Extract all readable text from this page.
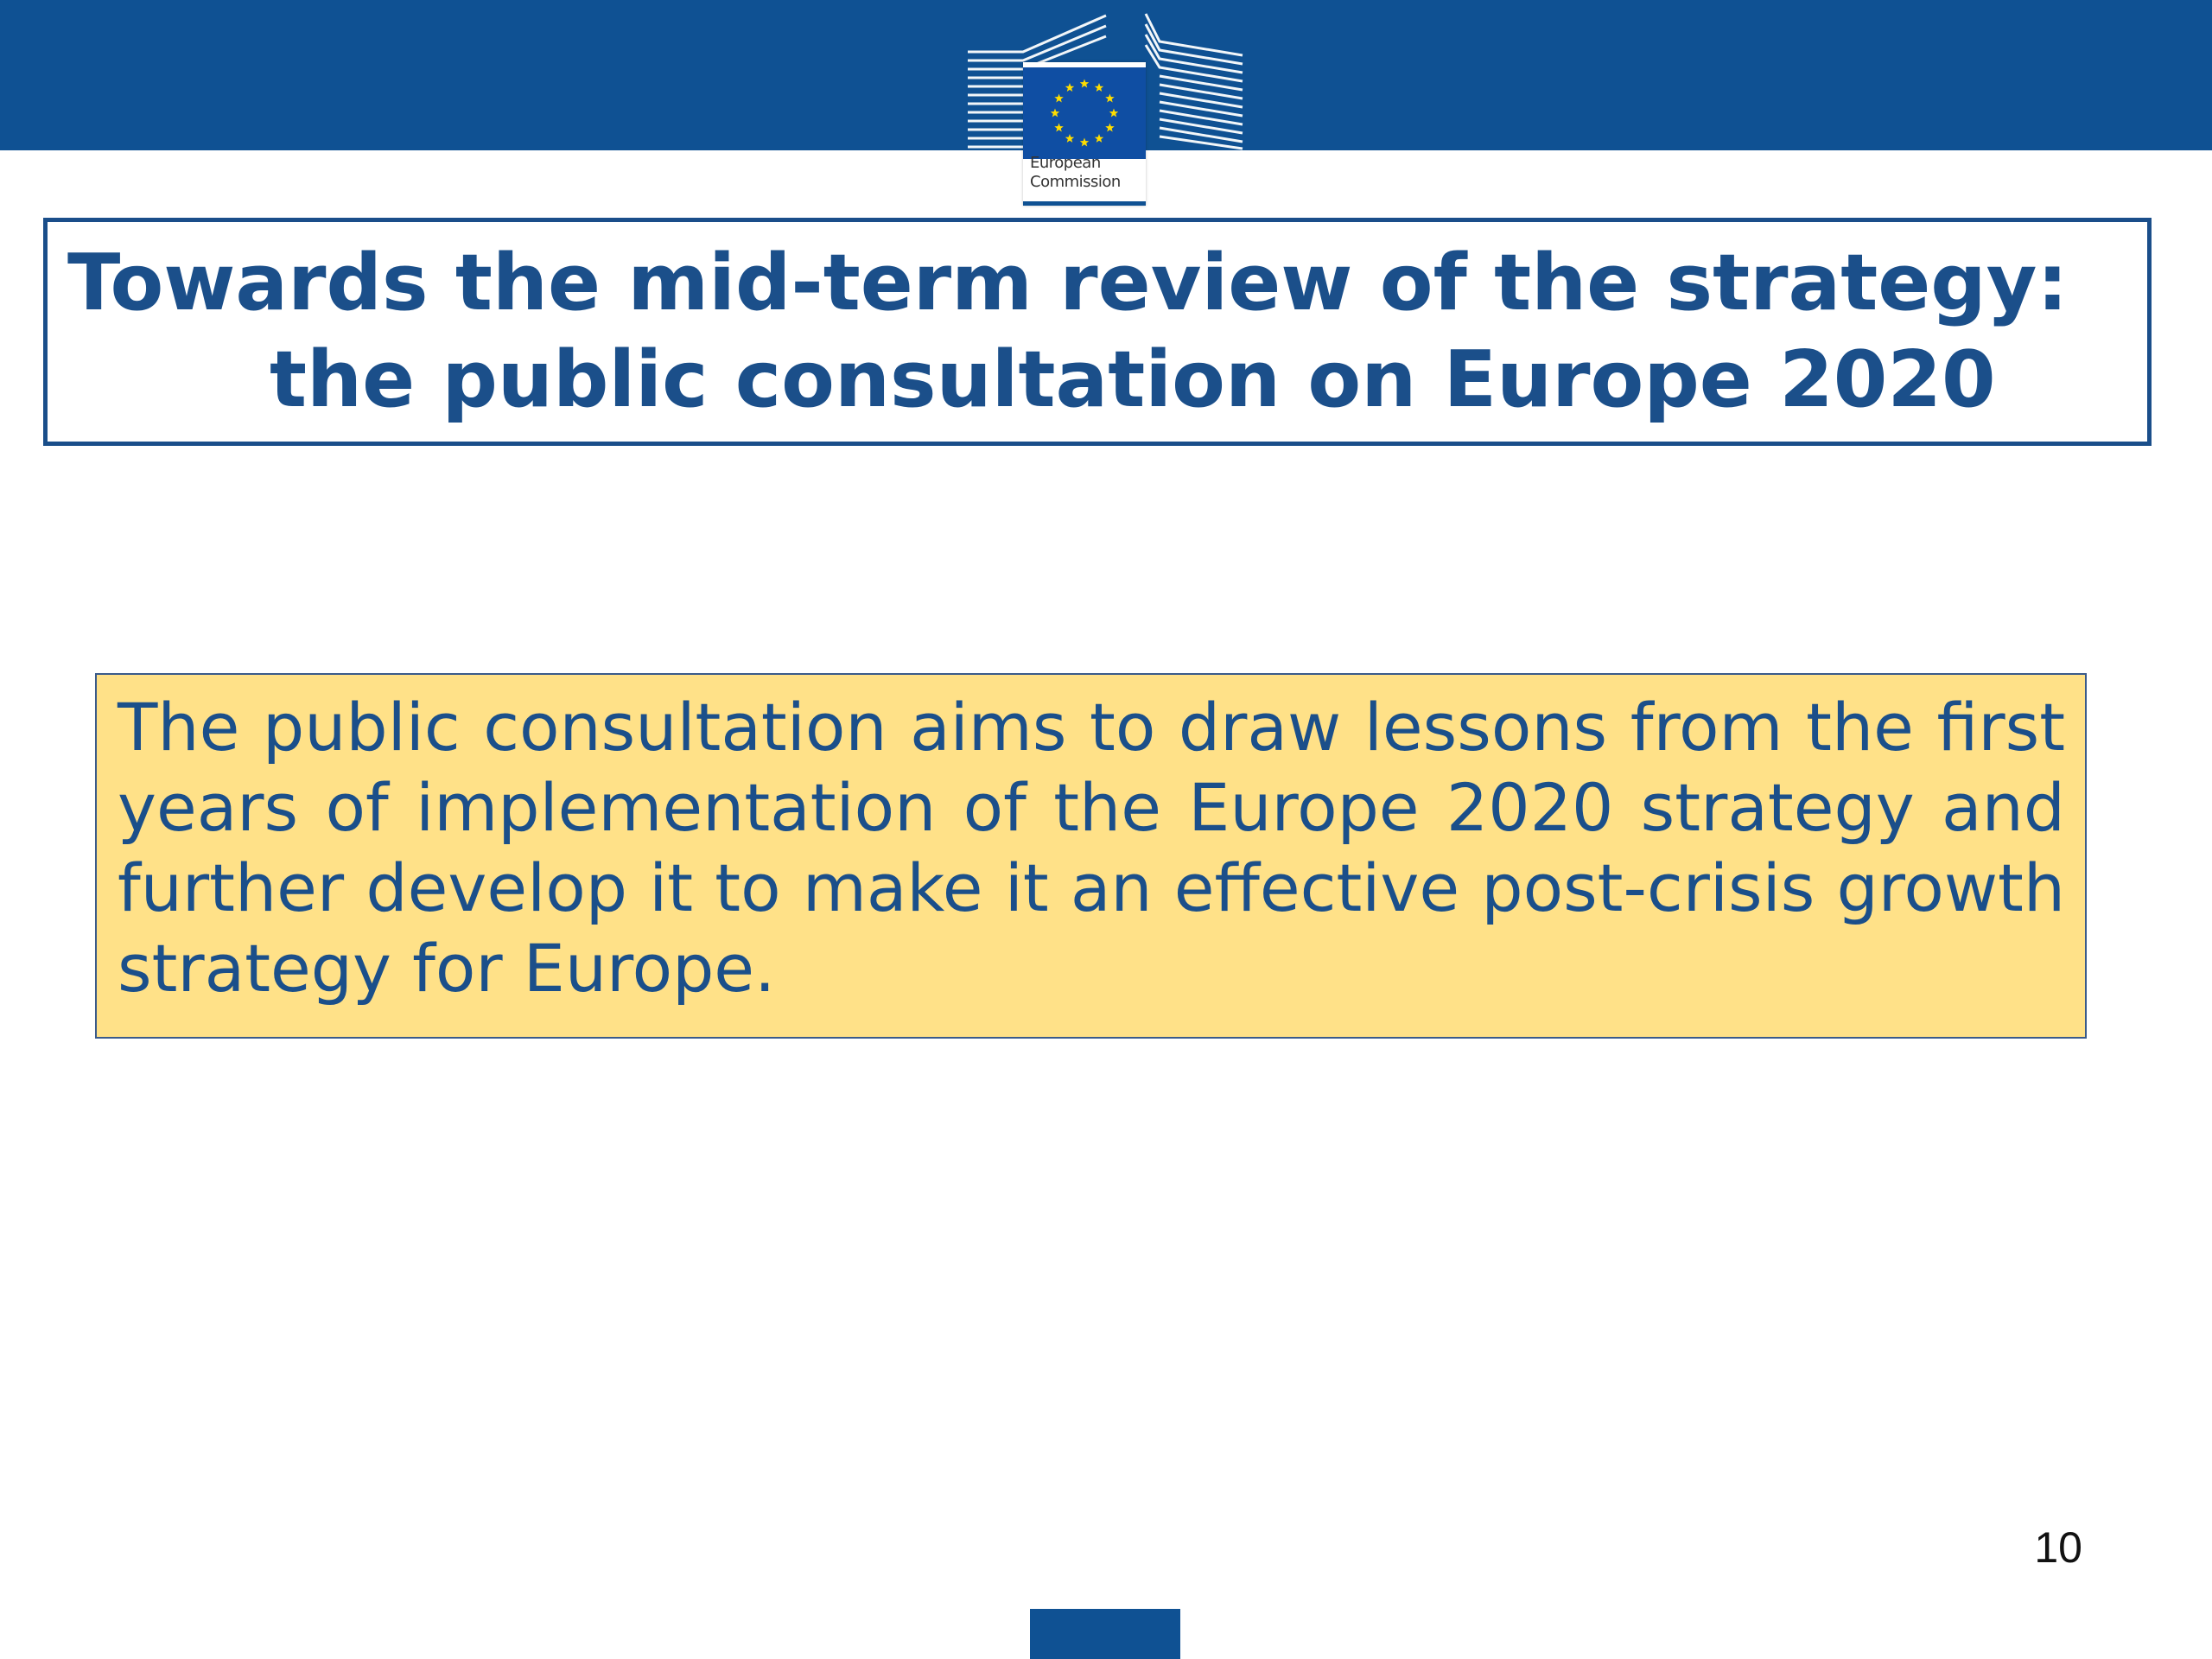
European
Commission
Towards the mid-term review of the strategy:
the public consultation on Europe 2020
The public consultation aims to draw lessons from the first years of implementation of the Europe 2020 strategy and further develop it to make it an effective post-crisis growth strategy for Europe.
10
